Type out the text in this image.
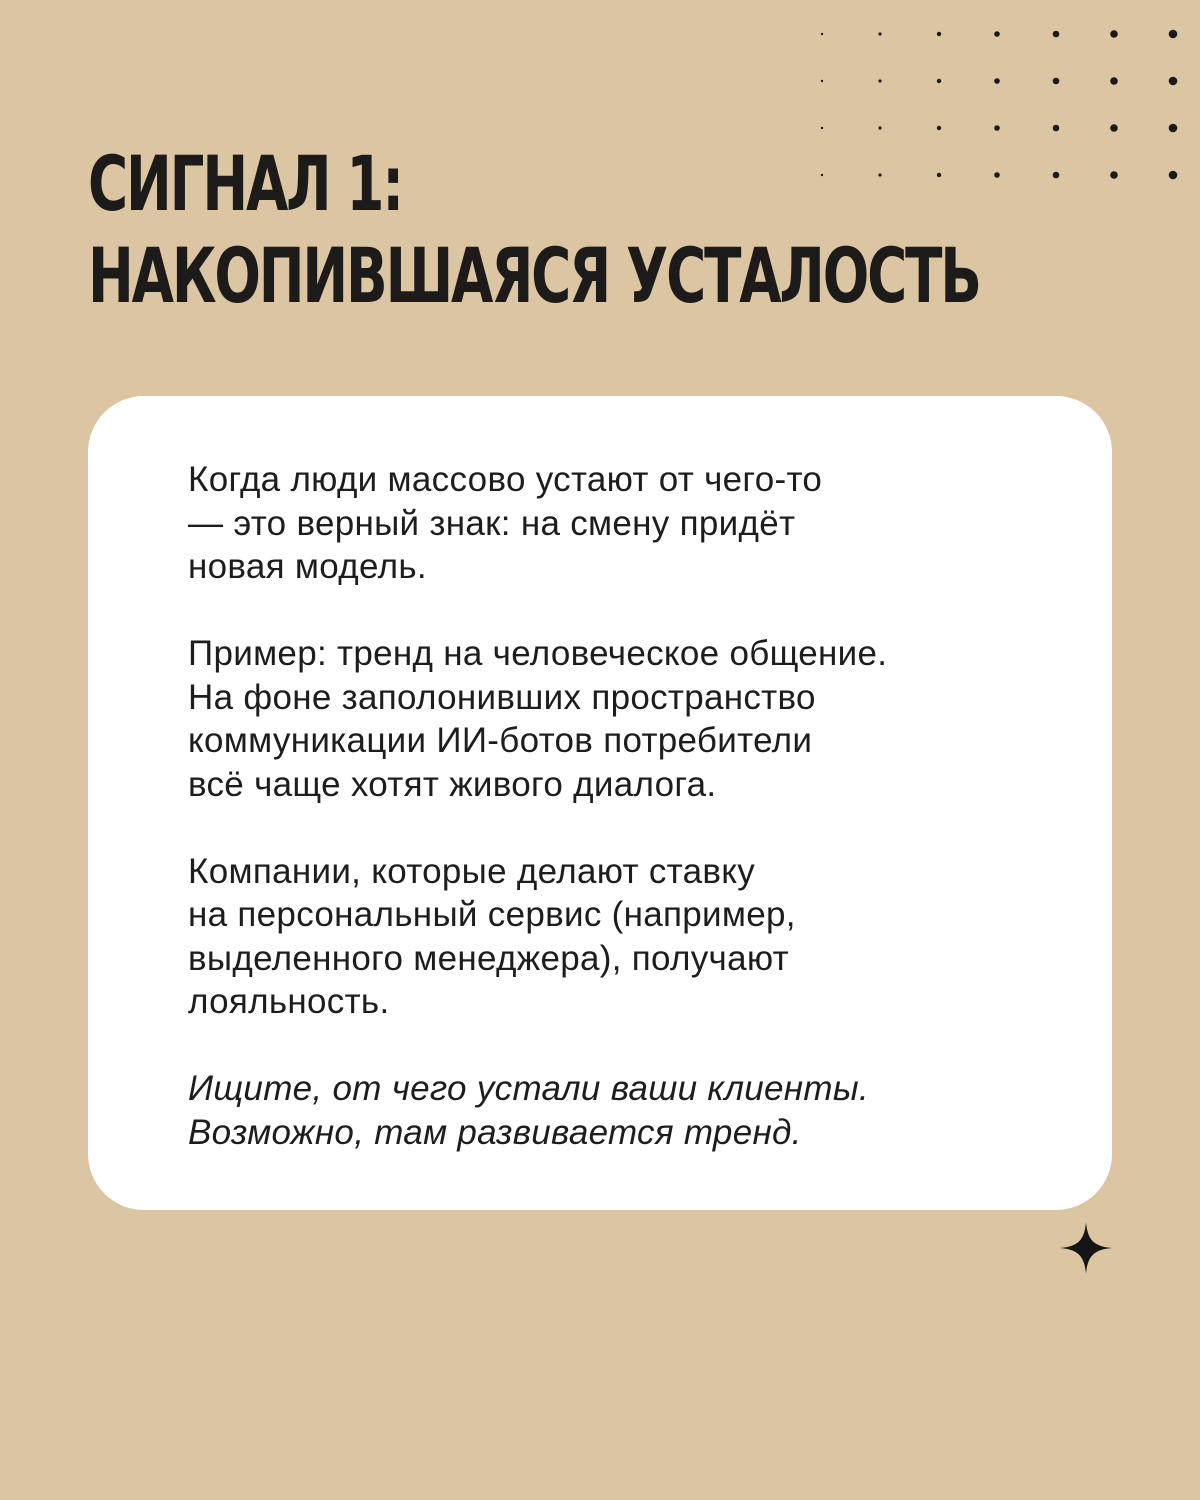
СИГНАЛ 1:
НАКОПИВШАЯСЯ УСТАЛОСТЬ

Когда люди массово устают от чего-то
— это верный знак: на смену придёт
новая модель.

Пример: тренд на человеческое общение.
На фоне заполонивших пространство
коммуникации ИИ-ботов потребители
всё чаще хотят живого диалога.

Компании, которые делают ставку
на персональный сервис (например,
выделенного менеджера), получают
лояльность.

Ищите, от чего устали ваши клиенты.
Возможно, там развивается тренд.
